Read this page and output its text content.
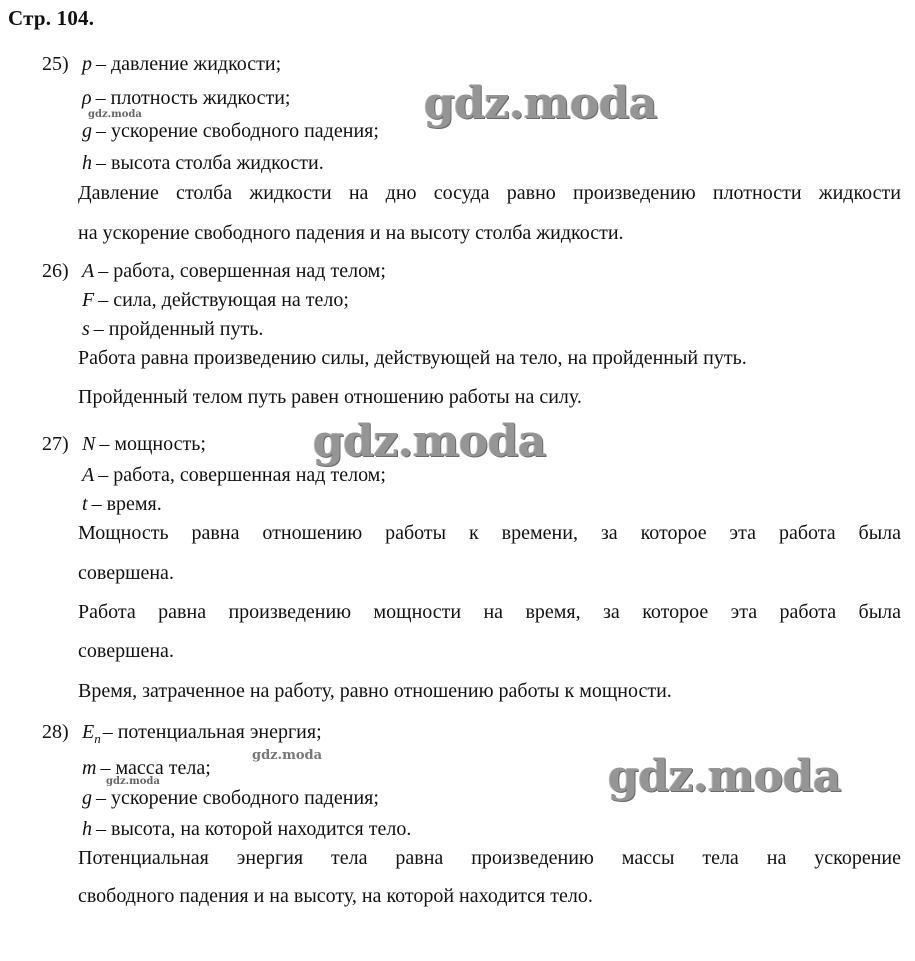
Стр. 104.
gdz.moda
gdz.moda
gdz.moda
gdz.moda
gdz.moda
gdz.moda
25) p – давление жидкости;
ρ – плотность жидкости;
g – ускорение свободного падения;
h – высота столба жидкости.
Давление столба жидкости на дно сосуда равно произведению плотности жидкости
на ускорение свободного падения и на высоту столба жидкости.
26) A – работа, совершенная над телом;
F – сила, действующая на тело;
s – пройденный путь.
Работа равна произведению силы, действующей на тело, на пройденный путь.
Пройденный телом путь равен отношению работы на силу.
27) N – мощность;
A – работа, совершенная над телом;
t – время.
Мощность равна отношению работы к времени, за которое эта работа была
совершена.
Работа равна произведению мощности на время, за которое эта работа была
совершена.
Время, затраченное на работу, равно отношению работы к мощности.
28) $E_n$ – потенциальная энергия;
m – масса тела;
g – ускорение свободного падения;
h – высота, на которой находится тело.
Потенциальная энергия тела равна произведению массы тела на ускорение
свободного падения и на высоту, на которой находится тело.
